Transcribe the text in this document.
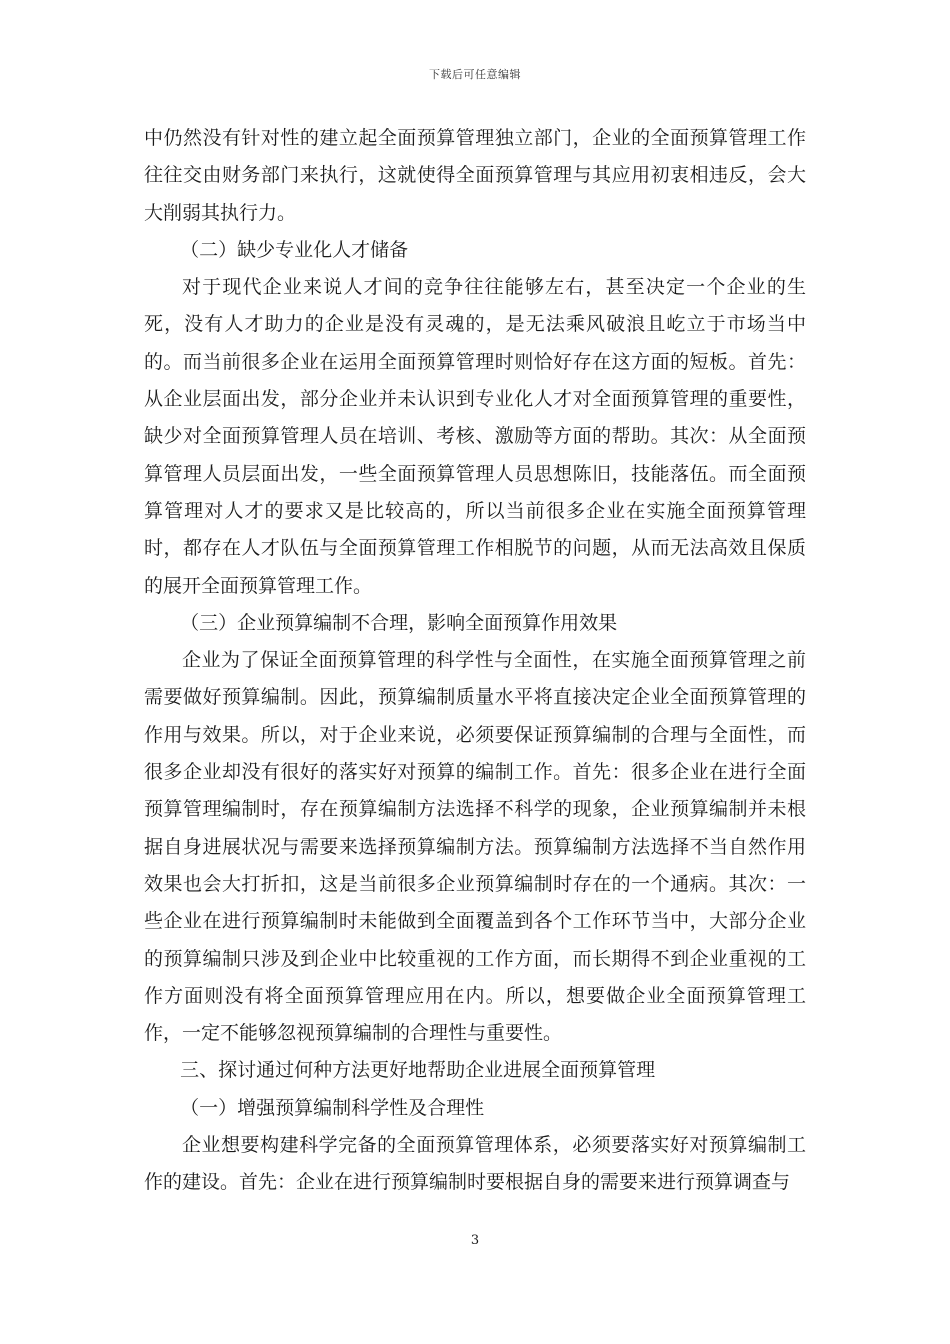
下载后可任意编辑

中仍然没有针对性的建立起全面预算管理独立部门，企业的全面预算管理工作往往交由财务部门来执行，这就使得全面预算管理与其应用初衷相违反，会大大削弱其执行力。

（二）缺少专业化人才储备

对于现代企业来说人才间的竞争往往能够左右，甚至决定一个企业的生死，没有人才助力的企业是没有灵魂的，是无法乘风破浪且屹立于市场当中的。而当前很多企业在运用全面预算管理时则恰好存在这方面的短板。首先：从企业层面出发，部分企业并未认识到专业化人才对全面预算管理的重要性，缺少对全面预算管理人员在培训、考核、激励等方面的帮助。其次：从全面预算管理人员层面出发，一些全面预算管理人员思想陈旧，技能落伍。而全面预算管理对人才的要求又是比较高的，所以当前很多企业在实施全面预算管理时，都存在人才队伍与全面预算管理工作相脱节的问题，从而无法高效且保质的展开全面预算管理工作。

（三）企业预算编制不合理，影响全面预算作用效果

企业为了保证全面预算管理的科学性与全面性，在实施全面预算管理之前需要做好预算编制。因此，预算编制质量水平将直接决定企业全面预算管理的作用与效果。所以，对于企业来说，必须要保证预算编制的合理与全面性，而很多企业却没有很好的落实好对预算的编制工作。首先：很多企业在进行全面预算管理编制时，存在预算编制方法选择不科学的现象，企业预算编制并未根据自身进展状况与需要来选择预算编制方法。预算编制方法选择不当自然作用效果也会大打折扣，这是当前很多企业预算编制时存在的一个通病。其次：一些企业在进行预算编制时未能做到全面覆盖到各个工作环节当中，大部分企业的预算编制只涉及到企业中比较重视的工作方面，而长期得不到企业重视的工作方面则没有将全面预算管理应用在内。所以，想要做企业全面预算管理工作，一定不能够忽视预算编制的合理性与重要性。

三、探讨通过何种方法更好地帮助企业进展全面预算管理

（一）增强预算编制科学性及合理性

企业想要构建科学完备的全面预算管理体系，必须要落实好对预算编制工作的建设。首先：企业在进行预算编制时要根据自身的需要来进行预算调查与

3
